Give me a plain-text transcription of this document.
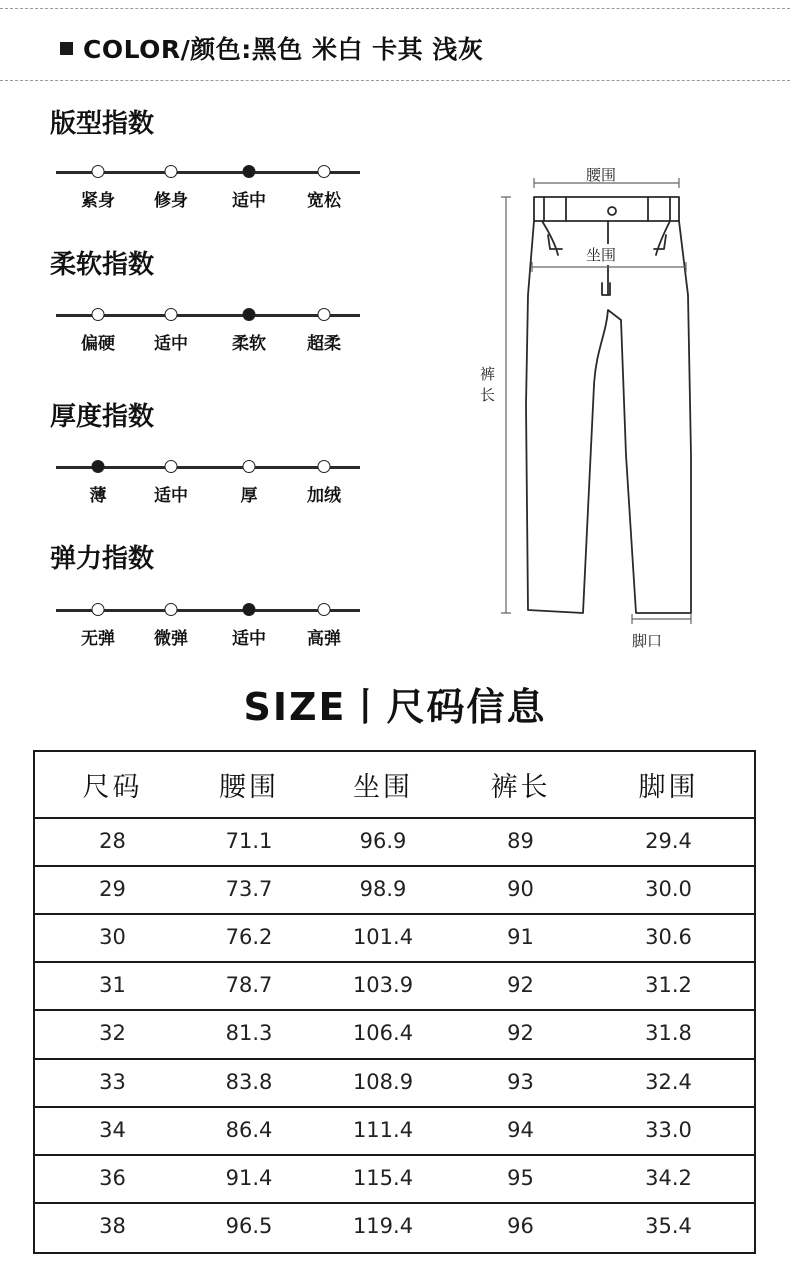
COLOR/颜色:黑色 米白 卡其 浅灰
版型指数
紧身 修身	适中 宽松
柔软指数
偏硬 适中	柔软 超柔
厚度指数
薄	适中	厚	加绒
弹力指数
无弹 微弹	适中 高弹
腰围
坐围
裤
长
脚口
SIZE丨尺码信息
尺码	腰围	坐围	裤长	脚围
28	71.1	96.9	89	29.4
29	73.7	98.9	90	30.0
30	76.2	101.4	91	30.6
31	78.7	103.9	92	31.2
32	81.3	106.4	92	31.8
33	83.8	108.9	93	32.4
34	86.4	111.4	94	33.0
36	91.4	115.4	95	34.2
38	96.5	119.4	96	35.4
